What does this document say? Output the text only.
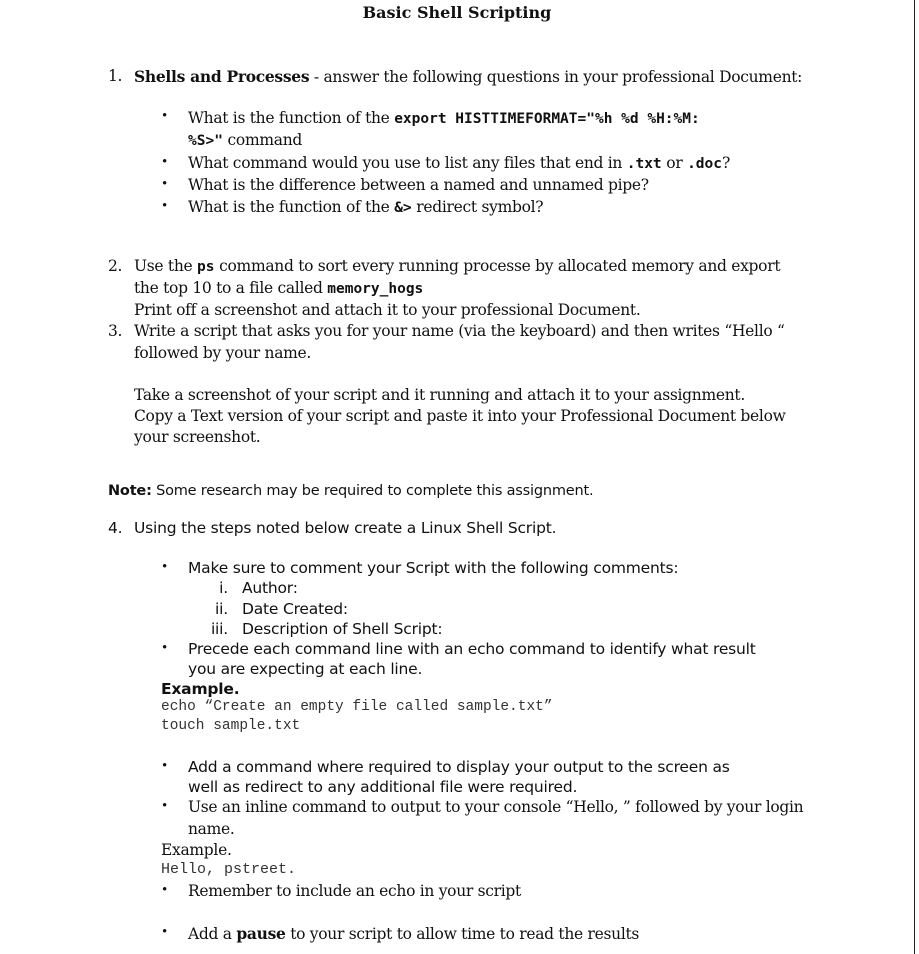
Basic Shell Scripting
1. Shells and Processes - answer the following questions in your professional Document:
• What is the function of the export HISTTIMEFORMAT="%h %d %H:%M:
%S>" command
• What command would you use to list any files that end in .txt or .doc?
• What is the difference between a named and unnamed pipe?
• What is the function of the &> redirect symbol?
2. Use the ps command to sort every running processe by allocated memory and export
the top 10 to a file called memory_hogs
Print off a screenshot and attach it to your professional Document.
3. Write a script that asks you for your name (via the keyboard) and then writes “Hello “
followed by your name.
Take a screenshot of your script and it running and attach it to your assignment.
Copy a Text version of your script and paste it into your Professional Document below
your screenshot.
Note: Some research may be required to complete this assignment.
4. Using the steps noted below create a Linux Shell Script.
• Make sure to comment your Script with the following comments:
i. Author:
ii. Date Created:
iii. Description of Shell Script:
• Precede each command line with an echo command to identify what result
you are expecting at each line.
Example.
echo “Create an empty file called sample.txt”
touch sample.txt
• Add a command where required to display your output to the screen as
well as redirect to any additional file were required.
• Use an inline command to output to your console “Hello, ” followed by your login
name.
Example.
Hello, pstreet.
• Remember to include an echo in your script
• Add a pause to your script to allow time to read the results
